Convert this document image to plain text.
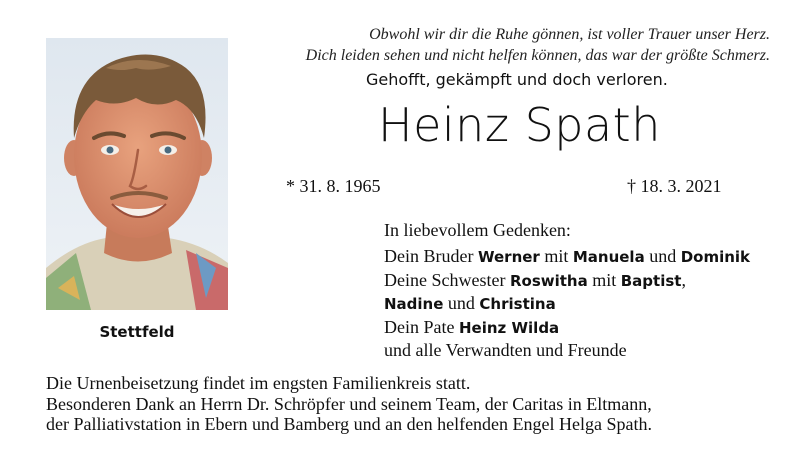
Obwohl wir dir die Ruhe gönnen, ist voller Trauer unser Herz.
Dich leiden sehen und nicht helfen können, das war der größte Schmerz.
Gehofft, gekämpft und doch verloren.
Heinz Spath
* 31. 8. 1965	† 18. 3. 2021
In liebevollem Gedenken:
Dein Bruder Werner mit Manuela und Dominik
Deine Schwester Roswitha mit Baptist,
Nadine und Christina
Dein Pate Heinz Wilda
und alle Verwandten und Freunde
Stettfeld
Die Urnenbeisetzung findet im engsten Familienkreis statt.
Besonderen Dank an Herrn Dr. Schröpfer und seinem Team, der Caritas in Eltmann,
der Palliativstation in Ebern und Bamberg und an den helfenden Engel Helga Spath.
